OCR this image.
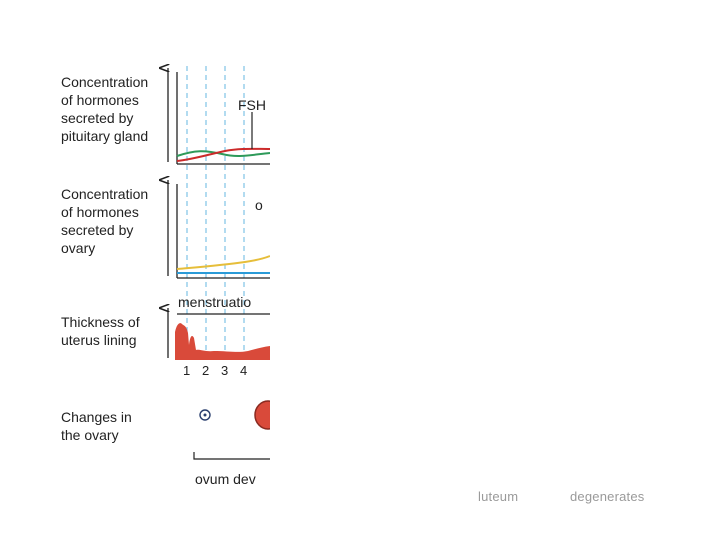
Concentration
of hormones
secreted by
pituitary gland
Concentration
of hormones
secreted by
ovary
Thickness of
uterus lining
Changes in
the ovary
FSH
o
menstruatio
1 2 3 4
ovum dev
luteum	degenerates
